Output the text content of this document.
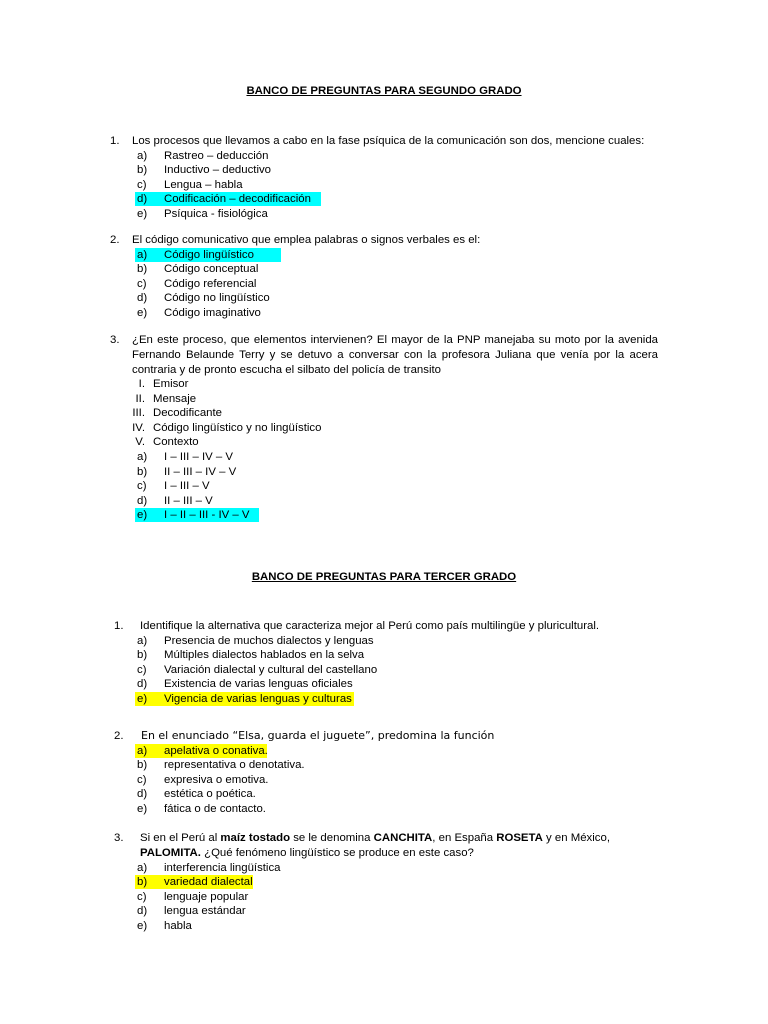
BANCO DE PREGUNTAS PARA SEGUNDO GRADO
1. Los procesos que llevamos a cabo en la fase psíquica de la comunicación son dos, mencione cuales:
a) Rastreo – deducción
b) Inductivo – deductivo
c) Lengua – habla
d) Codificación – decodificación
e) Psíquica - fisiológica
2. El código comunicativo que emplea palabras o signos verbales es el:
a) Código lingüístico
b) Código conceptual
c) Código referencial
d) Código no lingüístico
e) Código imaginativo
3. ¿En este proceso, que elementos intervienen? El mayor de la PNP manejaba su moto por la avenida
Fernando Belaunde Terry y se detuvo a conversar con la profesora Juliana que venía por la acera
contraria y de pronto escucha el silbato del policía de transito
I. Emisor
II. Mensaje
III. Decodificante
IV. Código lingüístico y no lingüístico
V. Contexto
a) I – III – IV – V
b) II – III – IV – V
c) I – III – V
d) II – III – V
e) I – II – III - IV – V
BANCO DE PREGUNTAS PARA TERCER GRADO
1. Identifique la alternativa que caracteriza mejor al Perú como país multilingüe y pluricultural.
a) Presencia de muchos dialectos y lenguas
b) Múltiples dialectos hablados en la selva
c) Variación dialectal y cultural del castellano
d) Existencia de varias lenguas oficiales
e) Vigencia de varias lenguas y culturas
2. En el enunciado “Elsa, guarda el juguete”, predomina la función
a) apelativa o conativa.
b) representativa o denotativa.
c) expresiva o emotiva.
d) estética o poética.
e) fática o de contacto.
3. Si en el Perú al maíz tostado se le denomina CANCHITA, en España ROSETA y en México,
PALOMITA. ¿Qué fenómeno lingüístico se produce en este caso?
a) interferencia lingüística
b) variedad dialectal
c) lenguaje popular
d) lengua estándar
e) habla
